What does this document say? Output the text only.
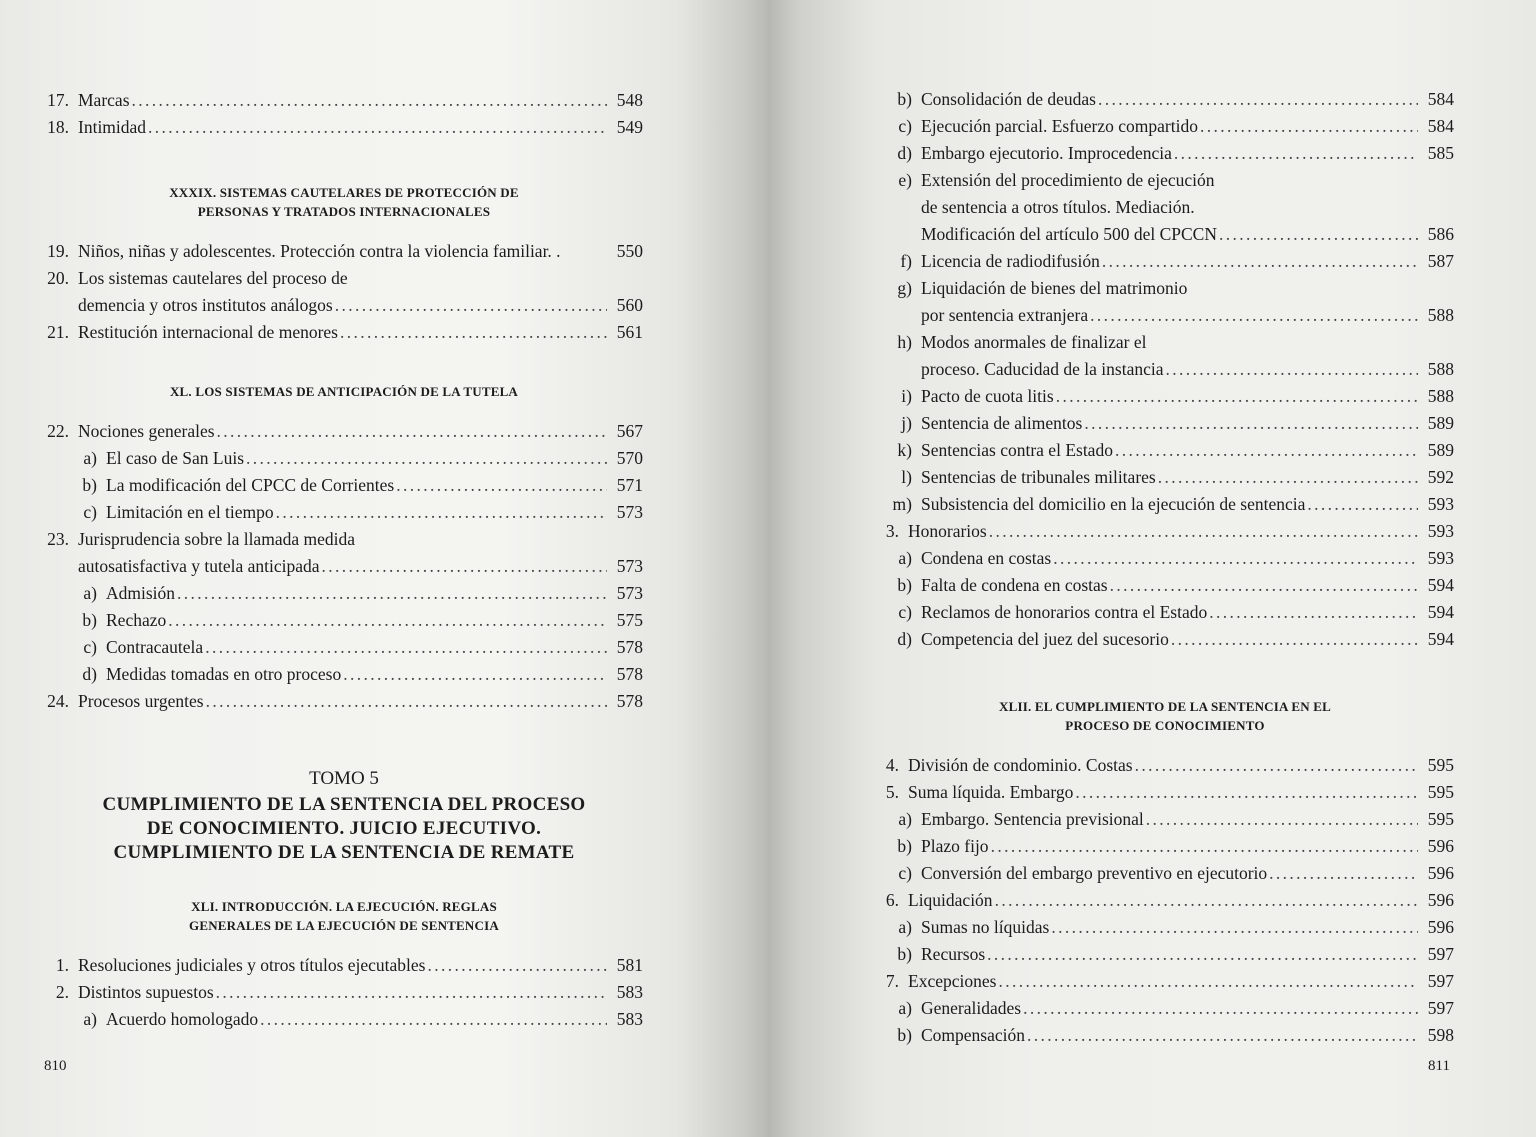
17. Marcas . . .	548
18. Intimidad . . .	549
XXXIX. SISTEMAS CAUTELARES DE PROTECCIÓN DE PERSONAS Y TRATADOS INTERNACIONALES
19. Niños, niñas y adolescentes. Protección contra la violencia familiar. .	550
20. Los sistemas cautelares del proceso de
demencia y otros institutos análogos . . .	560
21. Restitución internacional de menores . . .	561
XL. LOS SISTEMAS DE ANTICIPACIÓN DE LA TUTELA
22. Nociones generales . . .	567
a) El caso de San Luis . . .	570
b) La modificación del CPCC de Corrientes . . .	571
c) Limitación en el tiempo . . .	573
23. Jurisprudencia sobre la llamada medida
autosatisfactiva y tutela anticipada . . .	573
a) Admisión . . .	573
b) Rechazo . . .	575
c) Contracautela . . .	578
d) Medidas tomadas en otro proceso . . .	578
24. Procesos urgentes . . .	578
TOMO 5
CUMPLIMIENTO DE LA SENTENCIA DEL PROCESO DE CONOCIMIENTO. JUICIO EJECUTIVO. CUMPLIMIENTO DE LA SENTENCIA DE REMATE
XLI. INTRODUCCIÓN. LA EJECUCIÓN. REGLAS GENERALES DE LA EJECUCIÓN DE SENTENCIA
1. Resoluciones judiciales y otros títulos ejecutables . . .	581
2. Distintos supuestos . . .	583
a) Acuerdo homologado . . .	583
810
b) Consolidación de deudas . . .	584
c) Ejecución parcial. Esfuerzo compartido . . .	584
d) Embargo ejecutorio. Improcedencia . . .	585
e) Extensión del procedimiento de ejecución
de sentencia a otros títulos. Mediación.
Modificación del artículo 500 del CPCCN . . .	586
f) Licencia de radiodifusión . . .	587
g) Liquidación de bienes del matrimonio
por sentencia extranjera . . .	588
h) Modos anormales de finalizar el
proceso. Caducidad de la instancia . . .	588
i) Pacto de cuota litis . . .	588
j) Sentencia de alimentos . . .	589
k) Sentencias contra el Estado . . .	589
l) Sentencias de tribunales militares . . .	592
m) Subsistencia del domicilio en la ejecución de sentencia . . .	593
3. Honorarios . . .	593
a) Condena en costas . . .	593
b) Falta de condena en costas . . .	594
c) Reclamos de honorarios contra el Estado . . .	594
d) Competencia del juez del sucesorio . . .	594
XLII. EL CUMPLIMIENTO DE LA SENTENCIA EN EL PROCESO DE CONOCIMIENTO
4. División de condominio. Costas . . .	595
5. Suma líquida. Embargo . . .	595
a) Embargo. Sentencia previsional . . .	595
b) Plazo fijo . . .	596
c) Conversión del embargo preventivo en ejecutorio . . .	596
6. Liquidación . . .	596
a) Sumas no líquidas . . .	596
b) Recursos . . .	597
7. Excepciones . . .	597
a) Generalidades . . .	597
b) Compensación . . .	598
811
